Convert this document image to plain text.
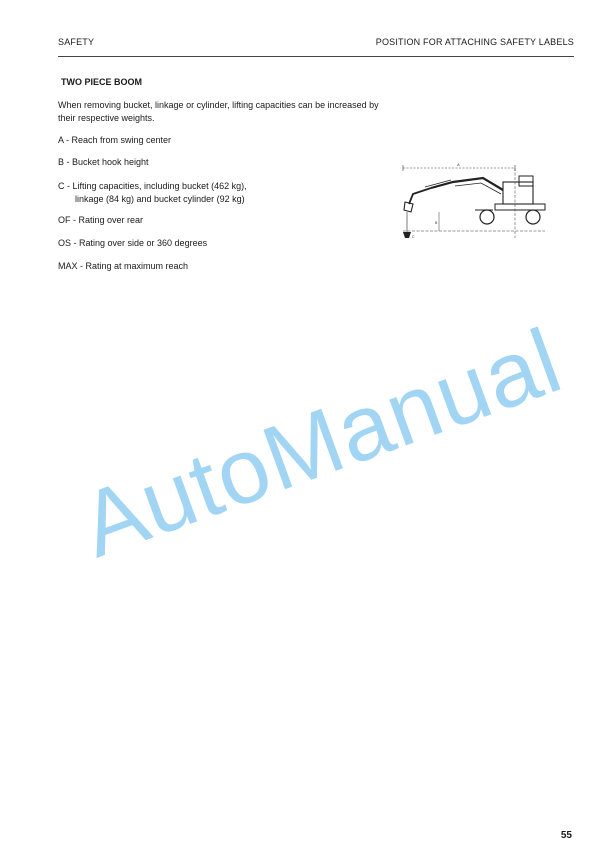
SAFETY	POSITION FOR ATTACHING SAFETY LABELS
TWO PIECE BOOM
When removing bucket, linkage or cylinder, lifting capacities can be increased by their respective weights.
A - Reach from swing center
B - Bucket hook height
C - Lifting capacities, including bucket (462 kg),
linkage (84 kg) and bucket cylinder (92 kg)
OF - Rating over rear
OS - Rating over side or 360 degrees
MAX - Rating at maximum reach
A
B
C
AutoManual
55
